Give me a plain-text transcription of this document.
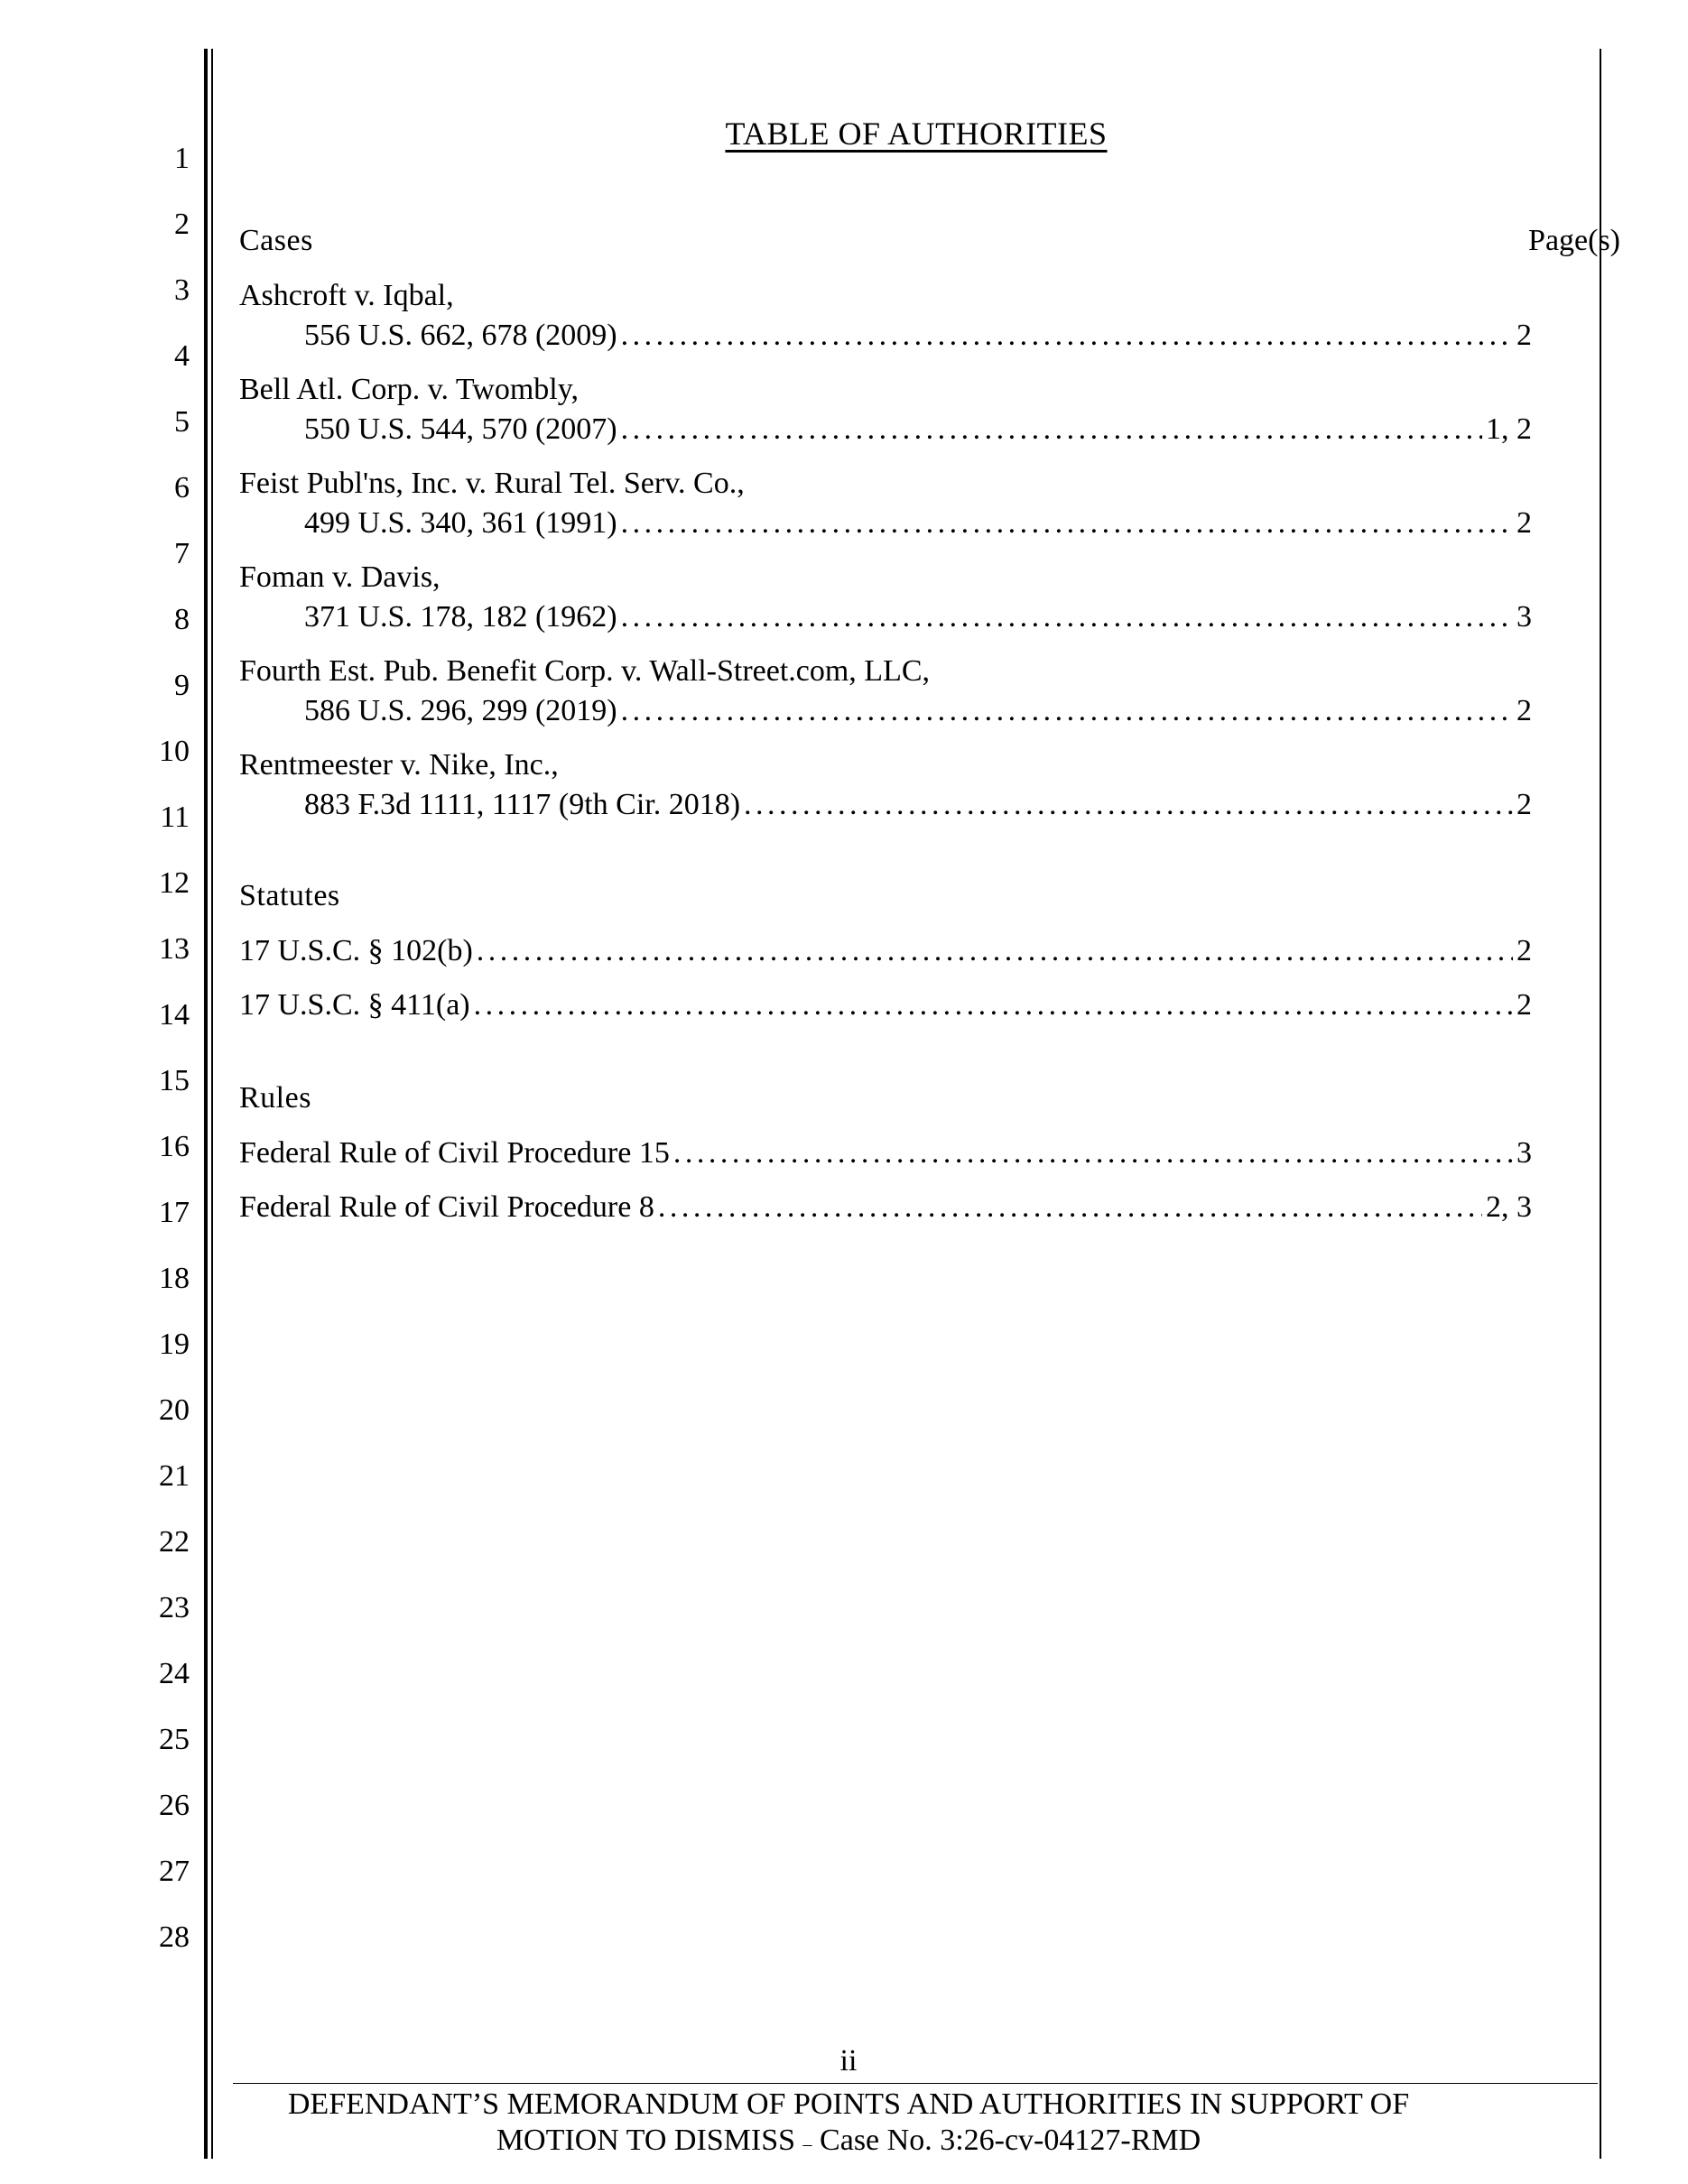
1
2
3
4
5
6
7
8
9
10
11
12
13
14
15
16
17
18
19
20
21
22
23
24
25
26
27
28
TABLE OF AUTHORITIES
Cases	Page(s)
Ashcroft v. Iqbal,
556 U.S. 662, 678 (2009) . . .	2
Bell Atl. Corp. v. Twombly,
550 U.S. 544, 570 (2007) . . .	1, 2
Feist Publ'ns, Inc. v. Rural Tel. Serv. Co.,
499 U.S. 340, 361 (1991) . . .	2
Foman v. Davis,
371 U.S. 178, 182 (1962) . . .	3
Fourth Est. Pub. Benefit Corp. v. Wall-Street.com, LLC,
586 U.S. 296, 299 (2019) . . .	2
Rentmeester v. Nike, Inc.,
883 F.3d 1111, 1117 (9th Cir. 2018) . . .	2
Statutes
17 U.S.C. § 102(b) . . .	2
17 U.S.C. § 411(a) . . .	2
Rules
Federal Rule of Civil Procedure 15 . . .	3
Federal Rule of Civil Procedure 8 . . .	2, 3
ii
DEFENDANT’S MEMORANDUM OF POINTS AND AUTHORITIES IN SUPPORT OF
MOTION TO DISMISS – Case No. 3:26-cv-04127-RMD
